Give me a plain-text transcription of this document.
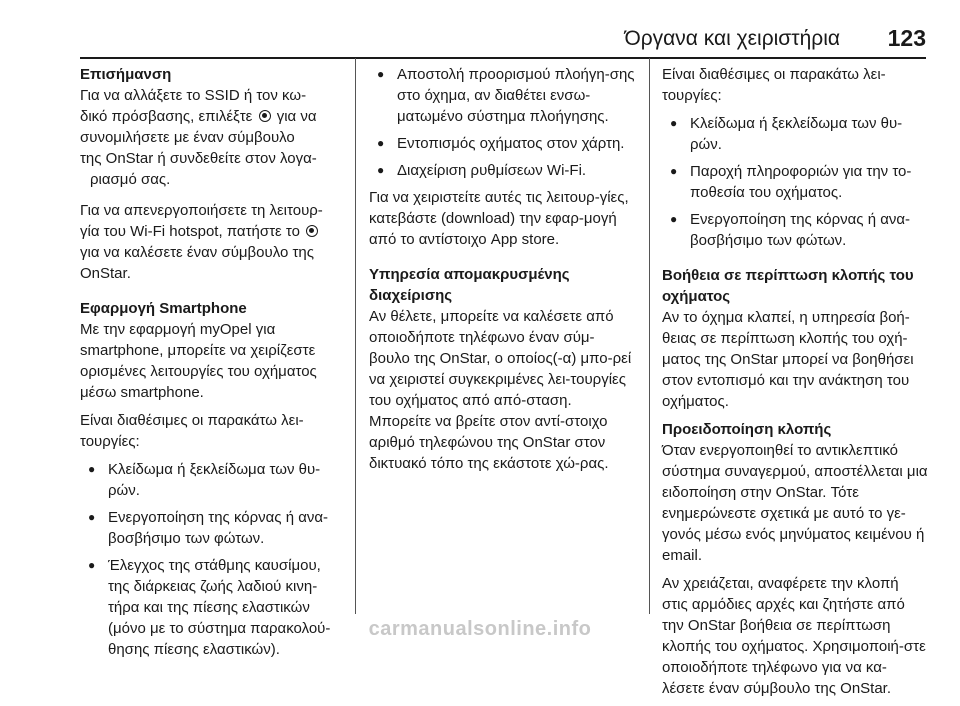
Όργανα και χειριστήρια 123
Επισήμανση
Για να αλλάξετε το SSID ή τον κω-
δικό πρόσβασης, επιλέξτε για να
συνομιλήσετε με έναν σύμβουλο
της OnStar ή συνδεθείτε στον λογα-
ριασμό σας.
Για να απενεργοποιήσετε τη λειτουρ-
γία του Wi-Fi hotspot, πατήστε το
για να καλέσετε έναν σύμβουλο της
OnStar.
Εφαρμογή Smartphone

Με την εφαρμογή myOpel για smartphone, μπορείτε να χειρίζεστε ορισμένες λειτουργίες του οχήματος μέσω smartphone.

Είναι διαθέσιμες οι παρακάτω λει-τουργίες:

● Κλείδωμα ή ξεκλείδωμα των θυ-ρών.
● Ενεργοποίηση της κόρνας ή ανα-βοσβήσιμο των φώτων.
● Έλεγχος της στάθμης καυσίμου, της διάρκειας ζωής λαδιού κινη-τήρα και της πίεσης ελαστικών (μόνο με το σύστημα παρακολού-θησης πίεσης ελαστικών).
● Αποστολή προορισμού πλοήγη-σης στο όχημα, αν διαθέτει ενσω-ματωμένο σύστημα πλοήγησης.
● Εντοπισμός οχήματος στον χάρτη.
● Διαχείριση ρυθμίσεων Wi-Fi.

Για να χειριστείτε αυτές τις λειτουρ-γίες, κατεβάστε (download) την εφαρ-μογή από το αντίστοιχο App store.

Υπηρεσία απομακρυσμένης διαχείρισης

Αν θέλετε, μπορείτε να καλέσετε από οποιοδήποτε τηλέφωνο έναν σύμ-βουλο της OnStar, ο οποίος(-α) μπο-ρεί να χειριστεί συγκεκριμένες λει-τουργίες του οχήματος από από-σταση. Μπορείτε να βρείτε στον αντί-στοιχο αριθμό τηλεφώνου της OnStar στον δικτυακό τόπο της εκάστοτε χώ-ρας.

Είναι διαθέσιμες οι παρακάτω λει-τουργίες:

● Κλείδωμα ή ξεκλείδωμα των θυ-ρών.
● Παροχή πληροφοριών για την το-ποθεσία του οχήματος.
● Ενεργοποίηση της κόρνας ή ανα-βοσβήσιμο των φώτων.
Βοήθεια σε περίπτωση κλοπής του οχήματος

Αν το όχημα κλαπεί, η υπηρεσία βοή-θειας σε περίπτωση κλοπής του οχή-ματος της OnStar μπορεί να βοηθήσει στον εντοπισμό και την ανάκτηση του οχήματος.

Προειδοποίηση κλοπής

Όταν ενεργοποιηθεί το αντικλεπτικό σύστημα συναγερμού, αποστέλλεται μια ειδοποίηση στην OnStar. Τότε ενημερώνεστε σχετικά με αυτό το γε-γονός μέσω ενός μηνύματος κειμένου ή email.

Αν χρειάζεται, αναφέρετε την κλοπή στις αρμόδιες αρχές και ζητήστε από την OnStar βοήθεια σε περίπτωση κλοπής του οχήματος. Χρησιμοποιή-στε οποιοδήποτε τηλέφωνο για να κα-λέσετε έναν σύμβουλο της OnStar.

carmanualsonline.info
